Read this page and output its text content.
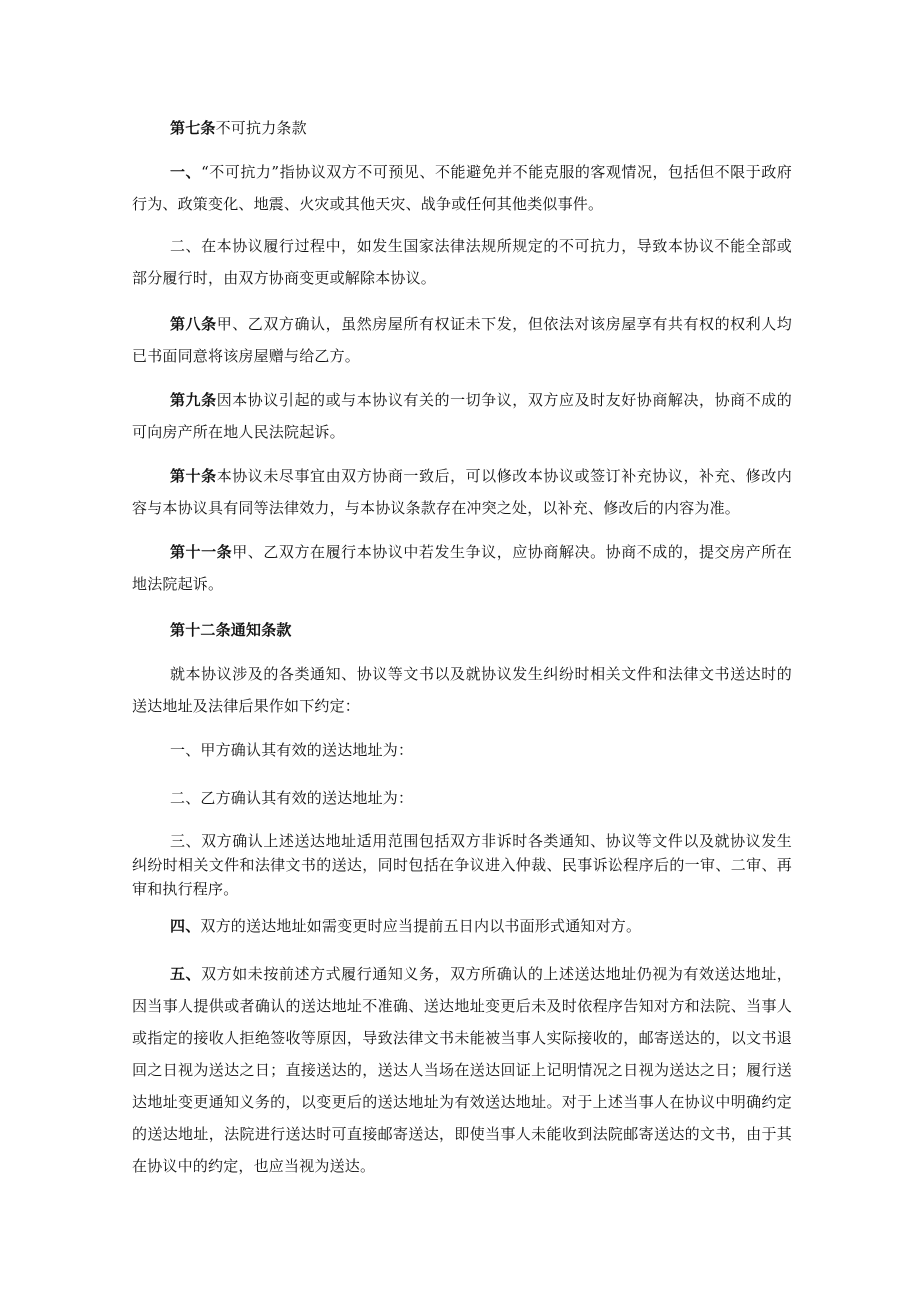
第七条不可抗力条款

一、“不可抗力”指协议双方不可预见、不能避免并不能克服的客观情况，包括但不限于政府行为、政策变化、地震、火灾或其他天灾、战争或任何其他类似事件。

二、在本协议履行过程中，如发生国家法律法规所规定的不可抗力，导致本协议不能全部或部分履行时，由双方协商变更或解除本协议。

第八条甲、乙双方确认，虽然房屋所有权证未下发，但依法对该房屋享有共有权的权利人均已书面同意将该房屋赠与给乙方。

第九条因本协议引起的或与本协议有关的一切争议，双方应及时友好协商解决，协商不成的可向房产所在地人民法院起诉。

第十条本协议未尽事宜由双方协商一致后，可以修改本协议或签订补充协议，补充、修改内容与本协议具有同等法律效力，与本协议条款存在冲突之处，以补充、修改后的内容为准。

第十一条甲、乙双方在履行本协议中若发生争议，应协商解决。协商不成的，提交房产所在地法院起诉。

第十二条通知条款

就本协议涉及的各类通知、协议等文书以及就协议发生纠纷时相关文件和法律文书送达时的送达地址及法律后果作如下约定：

一、甲方确认其有效的送达地址为：

二、乙方确认其有效的送达地址为：

三、双方确认上述送达地址适用范围包括双方非诉时各类通知、协议等文件以及就协议发生纠纷时相关文件和法律文书的送达，同时包括在争议进入仲裁、民事诉讼程序后的一审、二审、再审和执行程序。

四、双方的送达地址如需变更时应当提前五日内以书面形式通知对方。

五、双方如未按前述方式履行通知义务，双方所确认的上述送达地址仍视为有效送达地址，因当事人提供或者确认的送达地址不准确、送达地址变更后未及时依程序告知对方和法院、当事人或指定的接收人拒绝签收等原因，导致法律文书未能被当事人实际接收的，邮寄送达的，以文书退回之日视为送达之日；直接送达的，送达人当场在送达回证上记明情况之日视为送达之日；履行送达地址变更通知义务的，以变更后的送达地址为有效送达地址。对于上述当事人在协议中明确约定的送达地址，法院进行送达时可直接邮寄送达，即使当事人未能收到法院邮寄送达的文书，由于其在协议中的约定，也应当视为送达。
